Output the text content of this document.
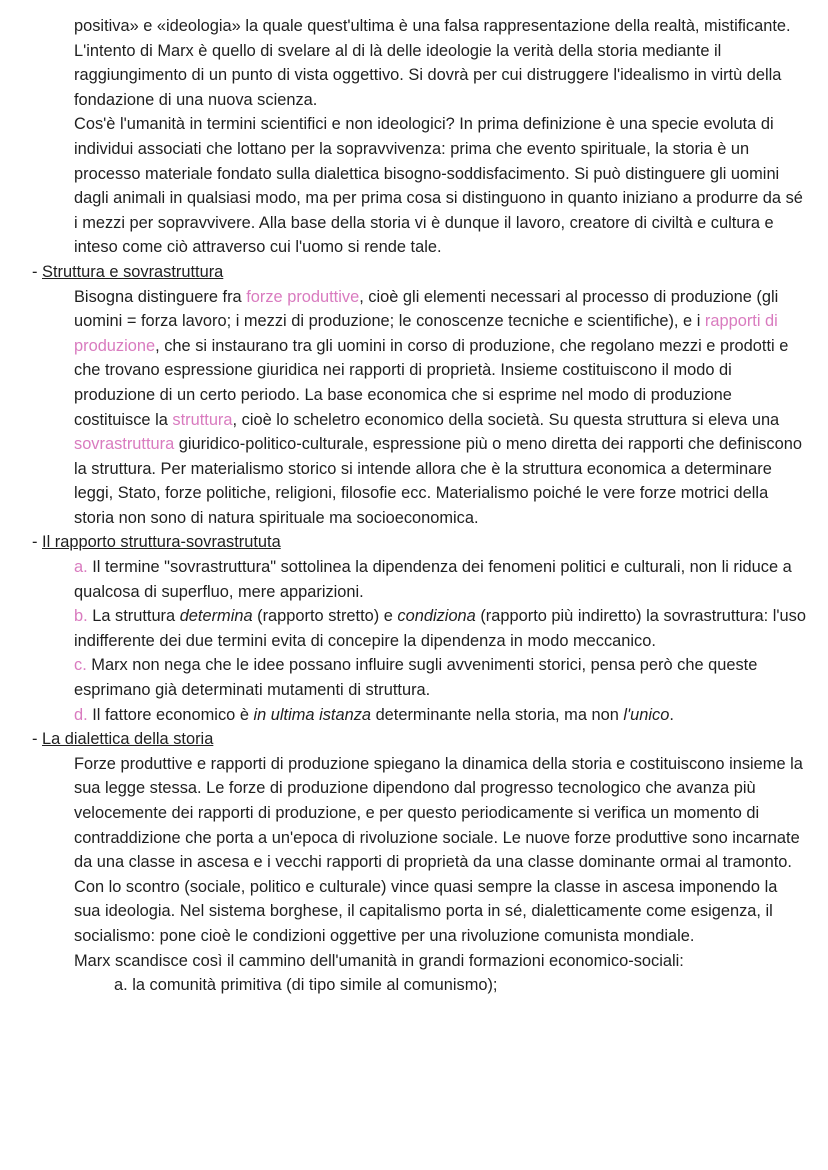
positiva» e «ideologia» la quale quest'ultima è una falsa rappresentazione della realtà, mistificante. L'intento di Marx è quello di svelare al di là delle ideologie la verità della storia mediante il raggiungimento di un punto di vista oggettivo. Si dovrà per cui distruggere l'idealismo in virtù della fondazione di una nuova scienza.

Cos'è l'umanità in termini scientifici e non ideologici? In prima definizione è una specie evoluta di individui associati che lottano per la sopravvivenza: prima che evento spirituale, la storia è un processo materiale fondato sulla dialettica bisogno-soddisfacimento. Si può distinguere gli uomini dagli animali in qualsiasi modo, ma per prima cosa si distinguono in quanto iniziano a produrre da sé i mezzi per sopravvivere. Alla base della storia vi è dunque il lavoro, creatore di civiltà e cultura e inteso come ciò attraverso cui l'uomo si rende tale.

- Struttura e sovrastruttura

Bisogna distinguere fra forze produttive, cioè gli elementi necessari al processo di produzione (gli uomini = forza lavoro; i mezzi di produzione; le conoscenze tecniche e scientifiche), e i rapporti di produzione, che si instaurano tra gli uomini in corso di produzione, che regolano mezzi e prodotti e che trovano espressione giuridica nei rapporti di proprietà. Insieme costituiscono il modo di produzione di un certo periodo. La base economica che si esprime nel modo di produzione costituisce la struttura, cioè lo scheletro economico della società. Su questa struttura si eleva una sovrastruttura giuridico-politico-culturale, espressione più o meno diretta dei rapporti che definiscono la struttura. Per materialismo storico si intende allora che è la struttura economica a determinare leggi, Stato, forze politiche, religioni, filosofie ecc. Materialismo poiché le vere forze motrici della storia non sono di natura spirituale ma socioeconomica.

- Il rapporto struttura-sovrastrututa

a. Il termine "sovrastruttura" sottolinea la dipendenza dei fenomeni politici e culturali, non li riduce a qualcosa di superfluo, mere apparizioni.

b. La struttura determina (rapporto stretto) e condiziona (rapporto più indiretto) la sovrastruttura: l'uso indifferente dei due termini evita di concepire la dipendenza in modo meccanico.

c. Marx non nega che le idee possano influire sugli avvenimenti storici, pensa però che queste esprimano già determinati mutamenti di struttura.

d. Il fattore economico è in ultima istanza determinante nella storia, ma non l'unico.

- La dialettica della storia

Forze produttive e rapporti di produzione spiegano la dinamica della storia e costituiscono insieme la sua legge stessa. Le forze di produzione dipendono dal progresso tecnologico che avanza più velocemente dei rapporti di produzione, e per questo periodicamente si verifica un momento di contraddizione che porta a un'epoca di rivoluzione sociale. Le nuove forze produttive sono incarnate da una classe in ascesa e i vecchi rapporti di proprietà da una classe dominante ormai al tramonto. Con lo scontro (sociale, politico e culturale) vince quasi sempre la classe in ascesa imponendo la sua ideologia. Nel sistema borghese, il capitalismo porta in sé, dialetticamente come esigenza, il socialismo: pone cioè le condizioni oggettive per una rivoluzione comunista mondiale.

Marx scandisce così il cammino dell'umanità in grandi formazioni economico-sociali:

a. la comunità primitiva (di tipo simile al comunismo);
